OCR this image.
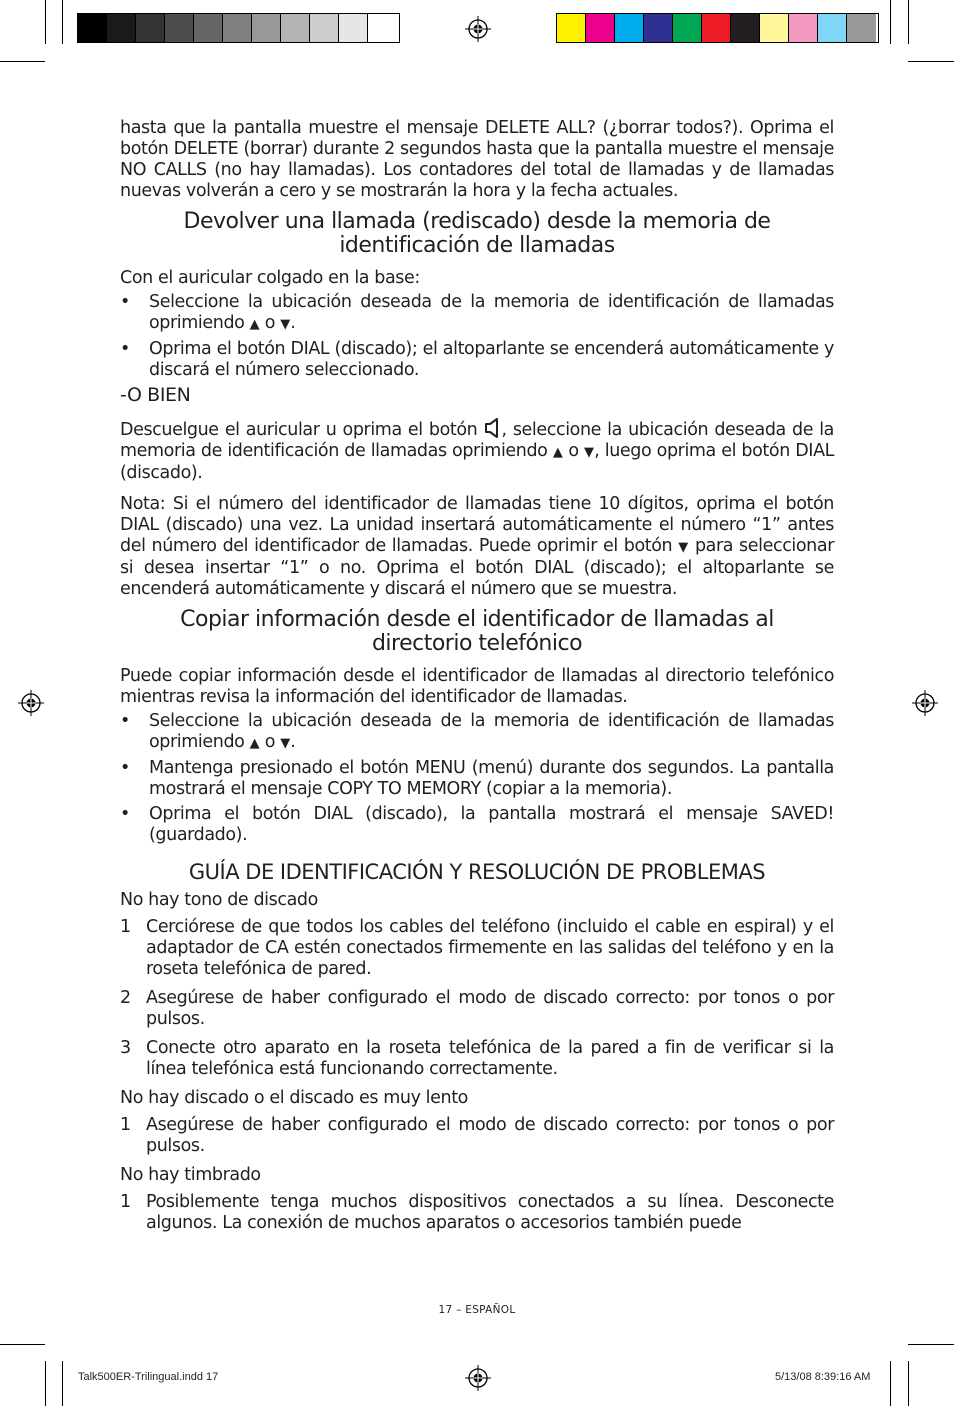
hasta que la pantalla muestre el mensaje DELETE ALL? (¿borrar todos?). Oprima el botón DELETE (borrar) durante 2 segundos hasta que la pantalla muestre el mensaje NO CALLS (no hay llamadas). Los contadores del total de llamadas y de llamadas nuevas volverán a cero y se mostrarán la hora y la fecha actuales.

Devolver una llamada (rediscado) desde la memoria de
identificación de llamadas

Con el auricular colgado en la base:

• Seleccione la ubicación deseada de la memoria de identificación de llamadas oprimiendo ▲ o ▼.
• Oprima el botón DIAL (discado); el altoparlante se encenderá automáticamente y discará el número seleccionado.

-O BIEN

Descuelgue el auricular u oprima el botón , seleccione la ubicación deseada de la memoria de identificación de llamadas oprimiendo ▲ o ▼, luego oprima el botón DIAL (discado).

Nota: Si el número del identificador de llamadas tiene 10 dígitos, oprima el botón DIAL (discado) una vez. La unidad insertará automáticamente el número “1” antes del número del identificador de llamadas. Puede oprimir el botón ▼ para seleccionar si desea insertar “1” o no. Oprima el botón DIAL (discado); el altoparlante se encenderá automáticamente y discará el número que se muestra.

Copiar información desde el identificador de llamadas al
directorio telefónico

Puede copiar información desde el identificador de llamadas al directorio telefónico mientras revisa la información del identificador de llamadas.

• Seleccione la ubicación deseada de la memoria de identificación de llamadas oprimiendo ▲ o ▼.
• Mantenga presionado el botón MENU (menú) durante dos segundos. La pantalla mostrará el mensaje COPY TO MEMORY (copiar a la memoria).
• Oprima el botón DIAL (discado), la pantalla mostrará el mensaje SAVED! (guardado).
GUÍA DE IDENTIFICACIÓN Y RESOLUCIÓN DE PROBLEMAS

No hay tono de discado

1 Cerciórese de que todos los cables del teléfono (incluido el cable en espiral) y el adaptador de CA estén conectados firmemente en las salidas del teléfono y en la roseta telefónica de pared.
2 Asegúrese de haber configurado el modo de discado correcto: por tonos o por pulsos.
3 Conecte otro aparato en la roseta telefónica de la pared a fin de verificar si la línea telefónica está funcionando correctamente.

No hay discado o el discado es muy lento

1 Asegúrese de haber configurado el modo de discado correcto: por tonos o por pulsos.

No hay timbrado

1 Posiblemente tenga muchos dispositivos conectados a su línea. Desconecte algunos. La conexión de muchos aparatos o accesorios también puede
17 – ESPAÑOL
Talk500ER-Trilingual.indd 17	5/13/08 8:39:16 AM
